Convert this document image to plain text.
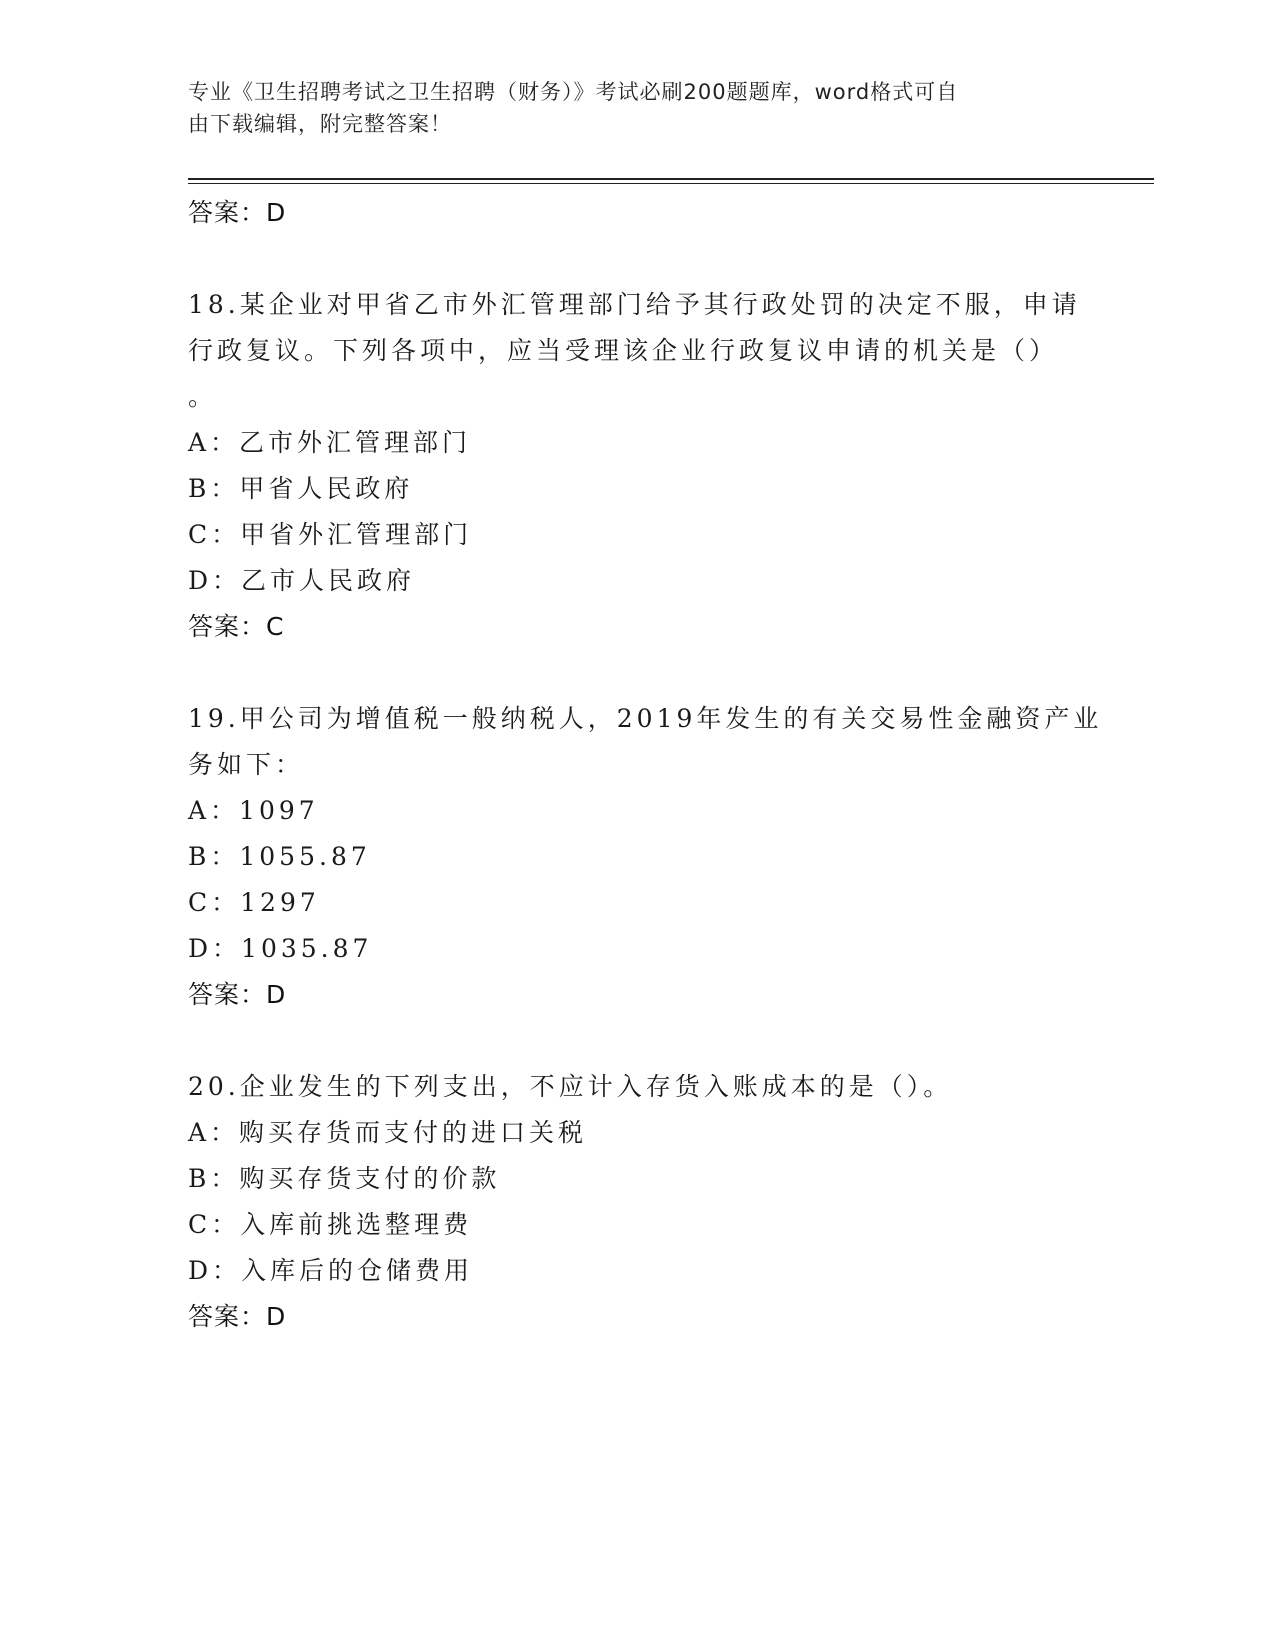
专业《卫生招聘考试之卫生招聘（财务）》考试必刷200题题库，word格式可自
由下载编辑，附完整答案！
答案：D
18.某企业对甲省乙市外汇管理部门给予其行政处罚的决定不服，申请
行政复议。下列各项中，应当受理该企业行政复议申请的机关是（）
。
A：乙市外汇管理部门
B：甲省人民政府
C：甲省外汇管理部门
D：乙市人民政府
答案：C
19.甲公司为增值税一般纳税人，2019年发生的有关交易性金融资产业
务如下：
A：1097
B：1055.87
C：1297
D：1035.87
答案：D
20.企业发生的下列支出，不应计入存货入账成本的是（）。
A：购买存货而支付的进口关税
B：购买存货支付的价款
C：入库前挑选整理费
D：入库后的仓储费用
答案：D
